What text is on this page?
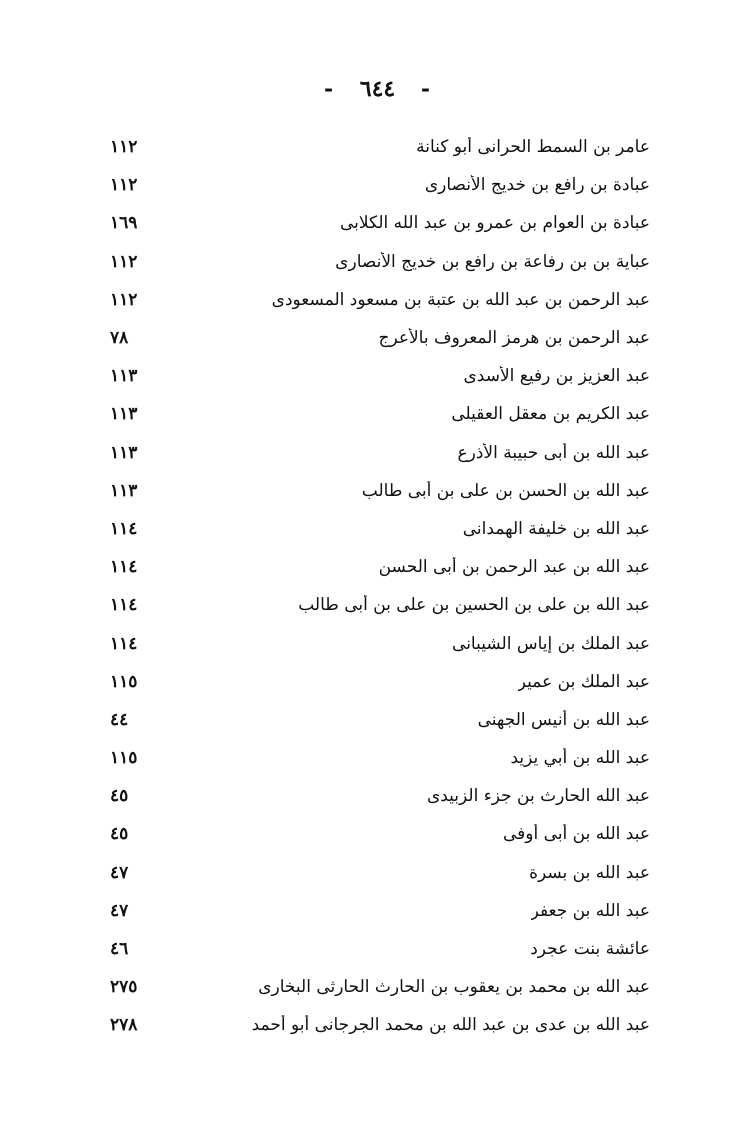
- ٦٤٤ -
عامر بن السمط الحرانى أبو كنانة
١١٢
عبادة بن رافع بن خديج الأنصارى
١١٢
عبادة بن العوام بن عمرو بن عبد الله الكلابى
١٦٩
عباية بن بن رفاعة بن رافع بن خديج الأنصارى
١١٢
عبد الرحمن بن عبد الله بن عتبة بن مسعود المسعودى
١١٢
عبد الرحمن بن هرمز المعروف بالأعرج
٧٨
عبد العزيز بن رفيع الأسدى
١١٣
عبد الكريم بن معقل العقيلى
١١٣
عبد الله بن أبى حبيبة الأذرع
١١٣
عبد الله بن الحسن بن على بن أبى طالب
١١٣
عبد الله بن خليفة الهمدانى
١١٤
عبد الله بن عبد الرحمن بن أبى الحسن
١١٤
عبد الله بن على بن الحسين بن على بن أبى طالب
١١٤
عبد الملك بن إياس الشيبانى
١١٤
عبد الملك بن عمير
١١٥
عبد الله بن أنيس الجهنى
٤٤
عبد الله بن أبي يزيد
١١٥
عبد الله الحارث بن جزء الزبيدى
٤٥
عبد الله بن أبى أوفى
٤٥
عبد الله بن بسرة
٤٧
عبد الله بن جعفر
٤٧
عائشة بنت عجرد
٤٦
عبد الله بن محمد بن يعقوب بن الحارث الحارثى البخارى
٢٧٥
عبد الله بن عدى بن عبد الله بن محمد الجرجانى أبو أحمد
٢٧٨
